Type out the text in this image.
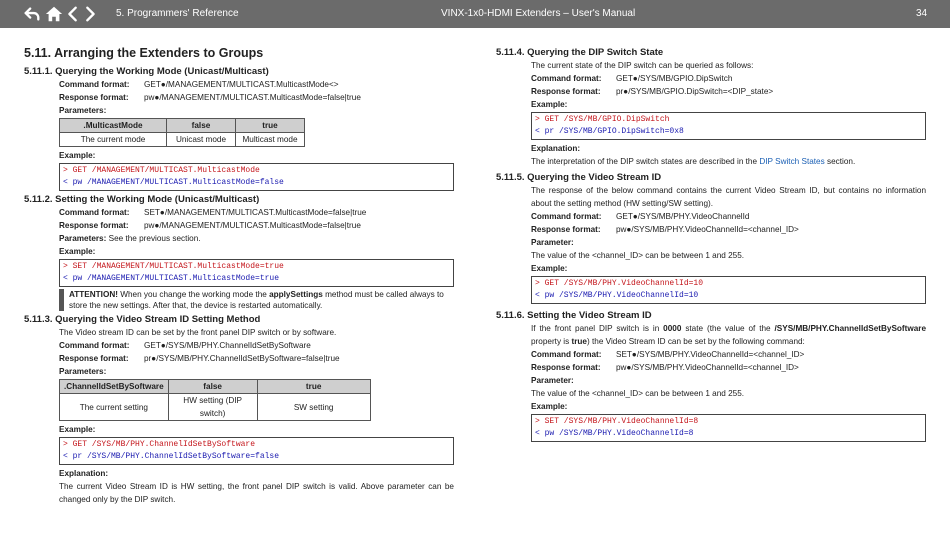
5. Programmers' Reference	VINX-1x0-HDMI Extenders – User's Manual	34
5.11. Arranging the Extenders to Groups
5.11.1. Querying the Working Mode (Unicast/Multicast)
Command format:	GET●/MANAGEMENT/MULTICAST.MulticastMode<>
Response format:	pw●/MANAGEMENT/MULTICAST.MulticastMode=false|true
Parameters:
.MulticastMode	false	true
The current mode	Unicast mode	Multicast mode
Example:
> GET /MANAGEMENT/MULTICAST.MulticastMode
< pw /MANAGEMENT/MULTICAST.MulticastMode=false
5.11.2. Setting the Working Mode (Unicast/Multicast)
Command format:	SET●/MANAGEMENT/MULTICAST.MulticastMode=false|true
Response format:	pw●/MANAGEMENT/MULTICAST.MulticastMode=false|true
Parameters: See the previous section.
Example:
> SET /MANAGEMENT/MULTICAST.MulticastMode=true
< pw /MANAGEMENT/MULTICAST.MulticastMode=true
ATTENTION! When you change the working mode the applySettings method must be called always to store the new settings. After that, the device is restarted automatically.
5.11.3. Querying the Video Stream ID Setting Method
The Video stream ID can be set by the front panel DIP switch or by software.
Command format:	GET●/SYS/MB/PHY.ChannelIdSetBySoftware
Response format:	pr●/SYS/MB/PHY.ChannelIdSetBySoftware=false|true
Parameters:
.ChannelIdSetBySoftware	false	true
The current setting	HW setting (DIP switch)	SW setting
Example:
> GET /SYS/MB/PHY.ChannelIdSetBySoftware
< pr /SYS/MB/PHY.ChannelIdSetBySoftware=false
Explanation:
The current Video Stream ID is HW setting, the front panel DIP switch is valid. Above parameter can be changed only by the DIP switch.
5.11.4. Querying the DIP Switch State
The current state of the DIP switch can be queried as follows:
Command format:	GET●/SYS/MB/GPIO.DipSwitch
Response format:	pr●/SYS/MB/GPIO.DipSwitch=<DIP_state>
Example:
> GET /SYS/MB/GPIO.DipSwitch
< pr /SYS/MB/GPIO.DipSwitch=0x8
Explanation:
The interpretation of the DIP switch states are described in the DIP Switch States section.
5.11.5. Querying the Video Stream ID
The response of the below command contains the current Video Stream ID, but contains no information about the setting method (HW setting/SW setting).
Command format:	GET●/SYS/MB/PHY.VideoChannelId
Response format:	pw●/SYS/MB/PHY.VideoChannelId=<channel_ID>
Parameter:
The value of the <channel_ID> can be between 1 and 255.
Example:
> GET /SYS/MB/PHY.VideoChannelId=10
< pw /SYS/MB/PHY.VideoChannelId=10
5.11.6. Setting the Video Stream ID
If the front panel DIP switch is in 0000 state (the value of the /SYS/MB/PHY.ChannelIdSetBySoftware property is true) the Video Stream ID can be set by the following command:
Command format:	SET●/SYS/MB/PHY.VideoChannelId=<channel_ID>
Response format:	pw●/SYS/MB/PHY.VideoChannelId=<channel_ID>
Parameter:
The value of the <channel_ID> can be between 1 and 255.
Example:
> SET /SYS/MB/PHY.VideoChannelId=8
< pw /SYS/MB/PHY.VideoChannelId=8
